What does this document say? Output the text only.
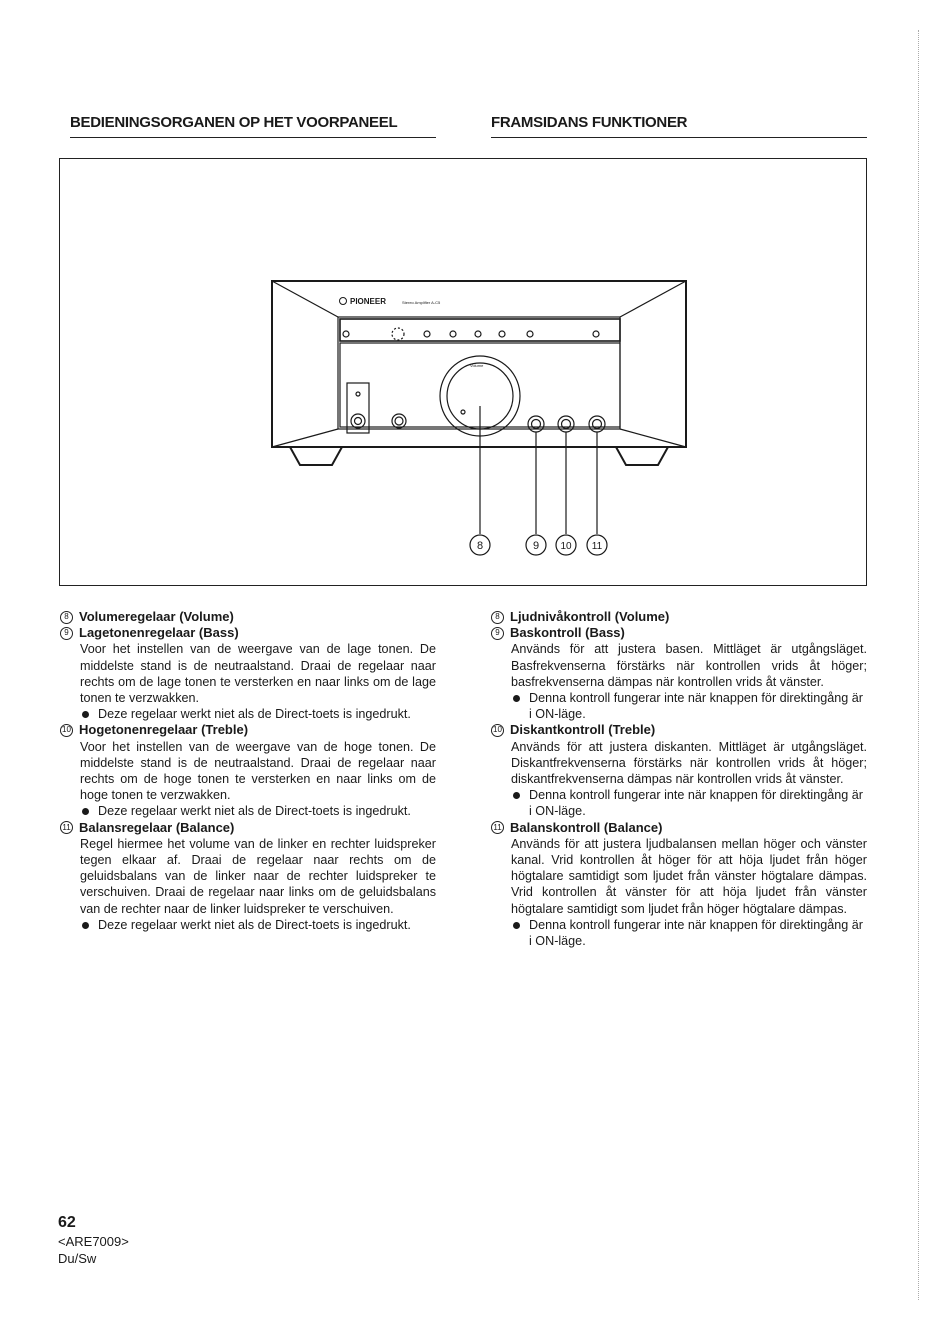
BEDIENINGSORGANEN OP HET VOORPANEEL	FRAMSIDANS FUNKTIONER
PIONEER	Stereo Amplifier A-C5
Volume
8	9 10 11
8 Volumeregelaar (Volume)
9 Lagetonenregelaar (Bass)
Voor het instellen van de weergave van de lage tonen. De middelste stand is de neutraalstand. Draai de regelaar naar rechts om de lage tonen te versterken en naar links om de lage tonen te verzwakken.
Deze regelaar werkt niet als de Direct-toets is ingedrukt.
10 Hogetonenregelaar (Treble)
Voor het instellen van de weergave van de hoge tonen. De middelste stand is de neutraalstand. Draai de regelaar naar rechts om de hoge tonen te versterken en naar links om de hoge tonen te verzwakken.
Deze regelaar werkt niet als de Direct-toets is ingedrukt.
11 Balansregelaar (Balance)
Regel hiermee het volume van de linker en rechter luidspreker tegen elkaar af. Draai de regelaar naar rechts om de geluidsbalans van de linker naar de rechter luidspreker te verschuiven. Draai de regelaar naar links om de geluidsbalans van de rechter naar de linker luidspreker te verschuiven.
Deze regelaar werkt niet als de Direct-toets is ingedrukt.
8 Ljudnivåkontroll (Volume)
9 Baskontroll (Bass)
Används för att justera basen. Mittläget är utgångsläget. Basfrekvenserna förstärks när kontrollen vrids åt höger; basfrekvenserna dämpas när kontrollen vrids åt vänster.
Denna kontroll fungerar inte när knappen för direktingång är i ON-läge.
10 Diskantkontroll (Treble)
Används för att justera diskanten. Mittläget är utgångsläget. Diskantfrekvenserna förstärks när kontrollen vrids åt höger; diskantfrekvenserna dämpas när kontrollen vrids åt vänster.
Denna kontroll fungerar inte när knappen för direktingång är i ON-läge.
11 Balanskontroll (Balance)
Används för att justera ljudbalansen mellan höger och vänster kanal. Vrid kontrollen åt höger för att höja ljudet från höger högtalare samtidigt som ljudet från vänster högtalare dämpas. Vrid kontrollen åt vänster för att höja ljudet från vänster högtalare samtidigt som ljudet från höger högtalare dämpas.
Denna kontroll fungerar inte när knappen för direktingång är i ON-läge.
62
<ARE7009>
Du/Sw
